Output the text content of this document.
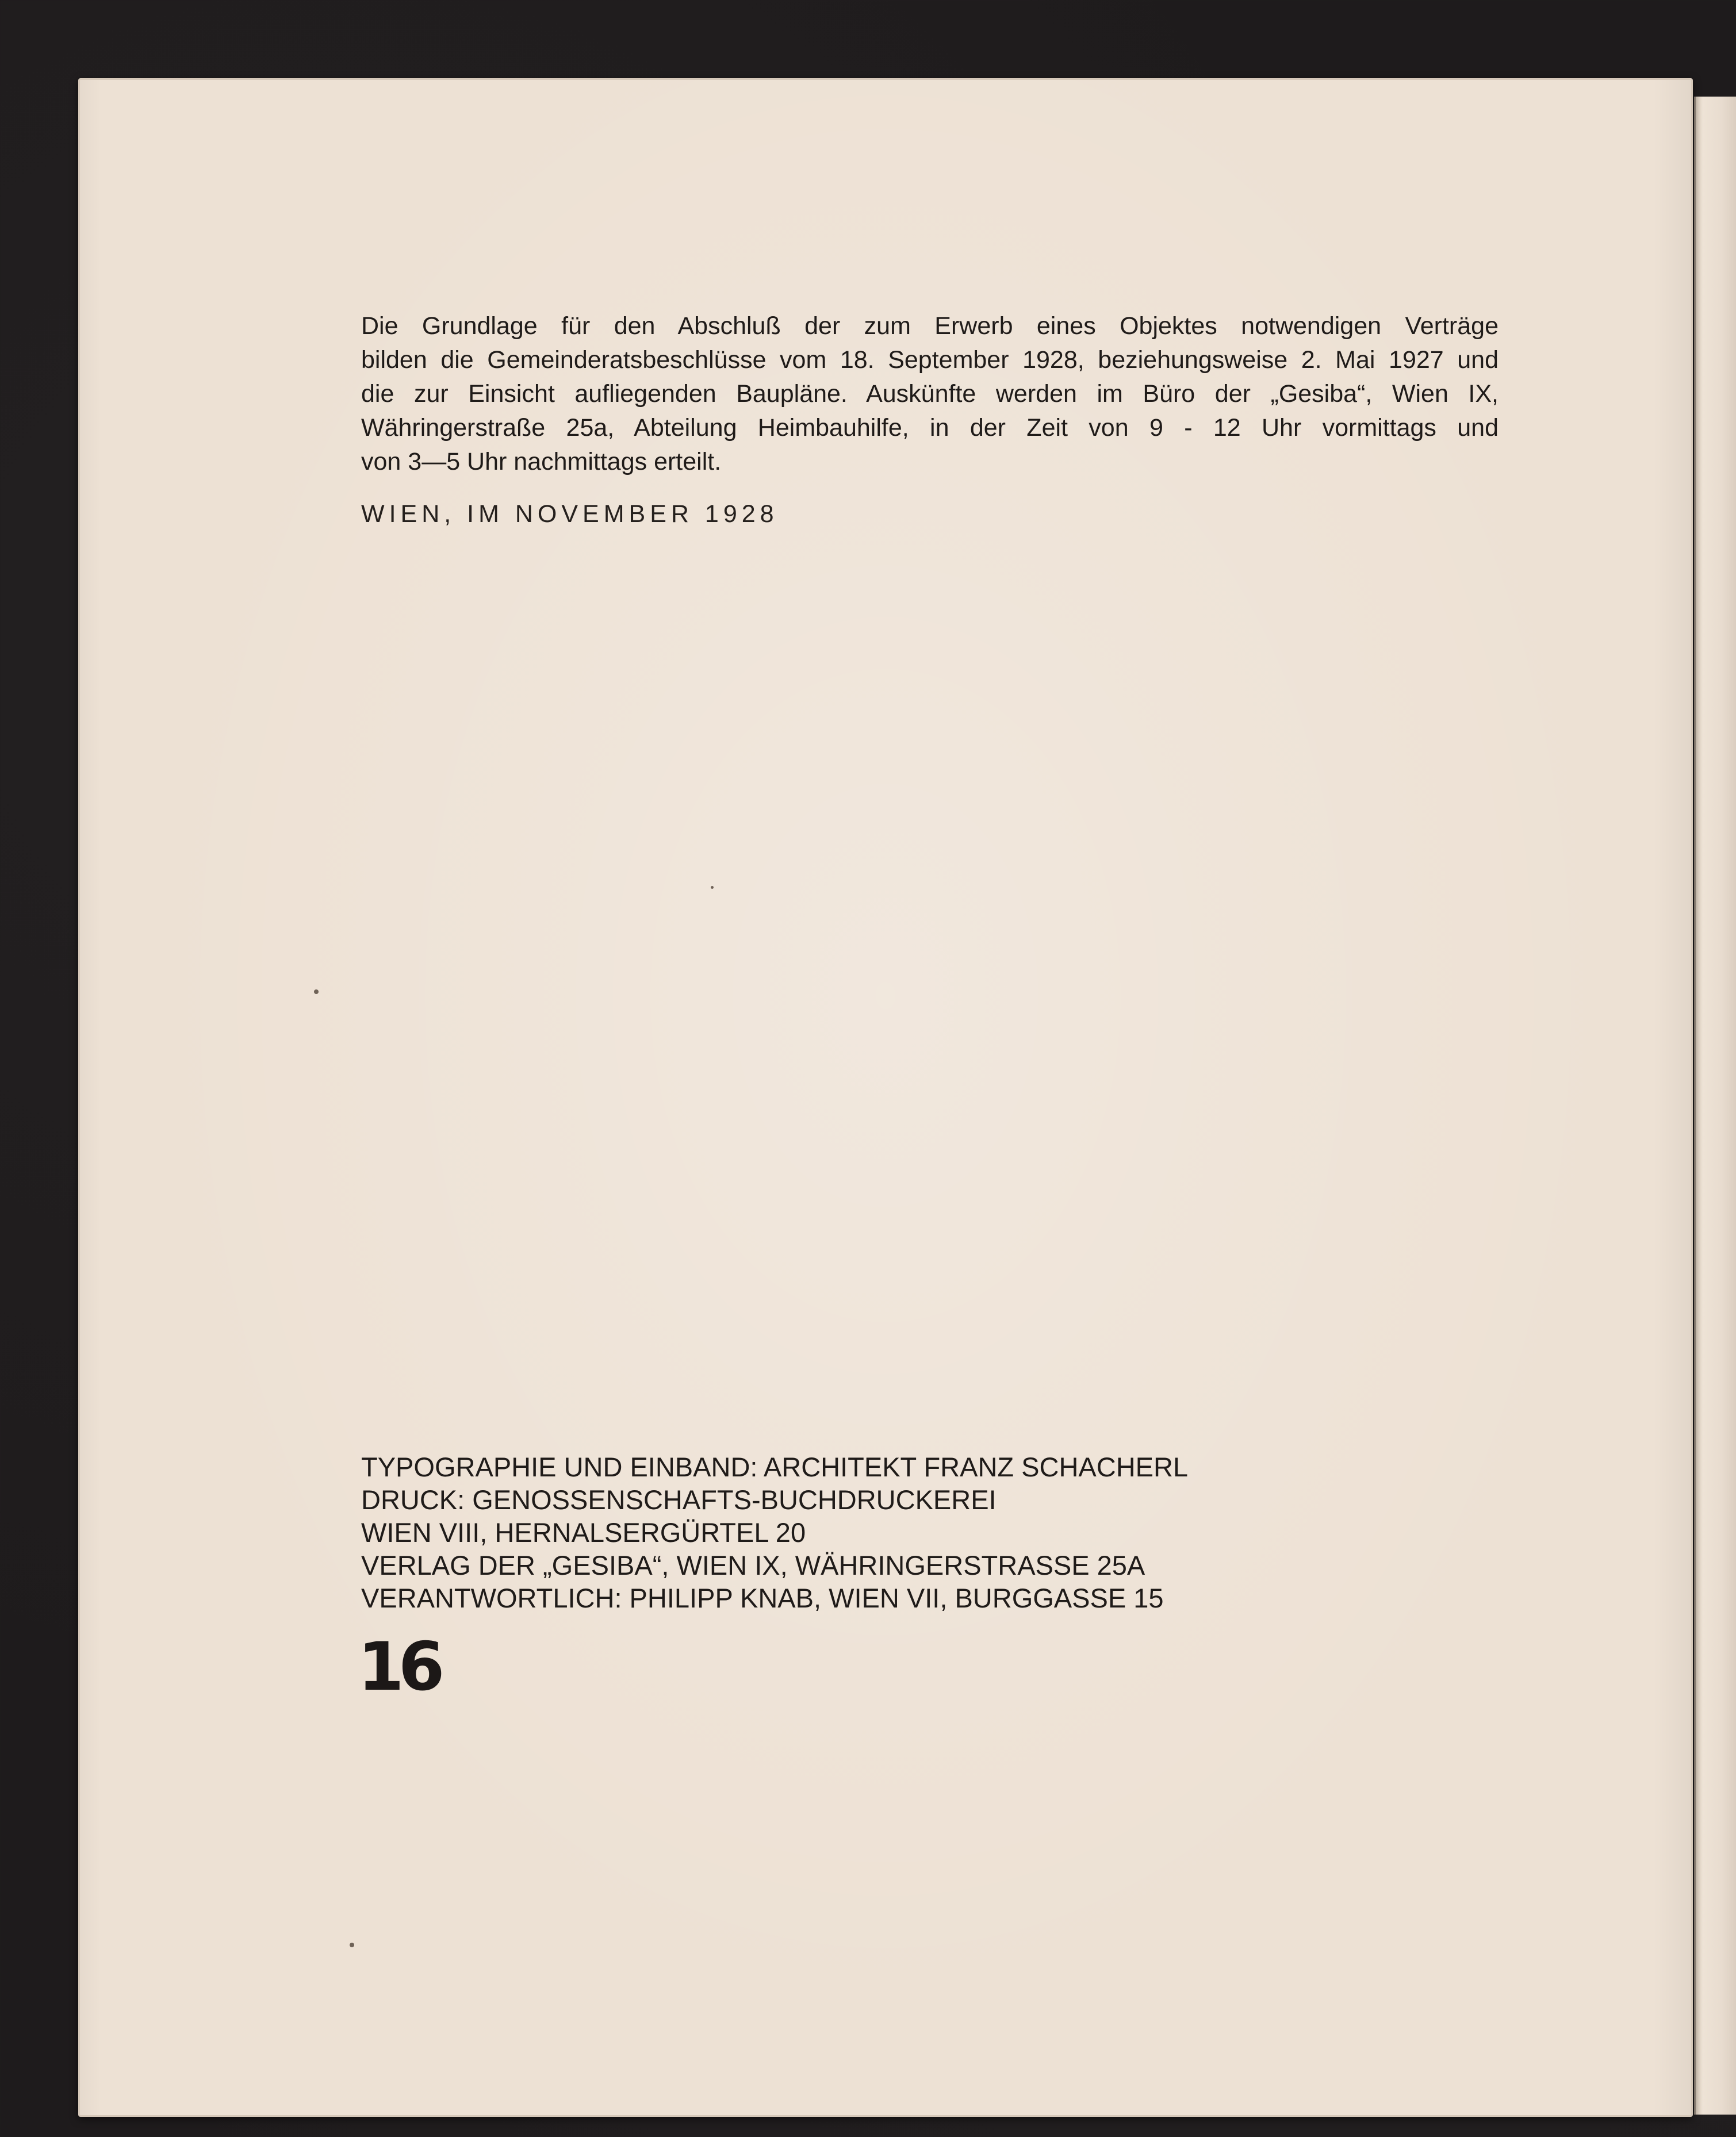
Die Grundlage für den Abschluß der zum Erwerb eines Objektes notwendigen Verträge
bilden die Gemeinderatsbeschlüsse vom 18. September 1928, beziehungsweise 2. Mai 1927 und
die zur Einsicht aufliegenden Baupläne. Auskünfte werden im Büro der „Gesiba“, Wien IX,
Währingerstraße 25a, Abteilung Heimbauhilfe, in der Zeit von 9 - 12 Uhr vormittags und
von 3—5 Uhr nachmittags erteilt.
WIEN, IM NOVEMBER 1928
TYPOGRAPHIE UND EINBAND: ARCHITEKT FRANZ SCHACHERL
DRUCK: GENOSSENSCHAFTS-BUCHDRUCKEREI
WIEN VIII, HERNALSERGÜRTEL 20
VERLAG DER „GESIBA“, WIEN IX, WÄHRINGERSTRASSE 25A
VERANTWORTLICH: PHILIPP KNAB, WIEN VII, BURGGASSE 15
16
